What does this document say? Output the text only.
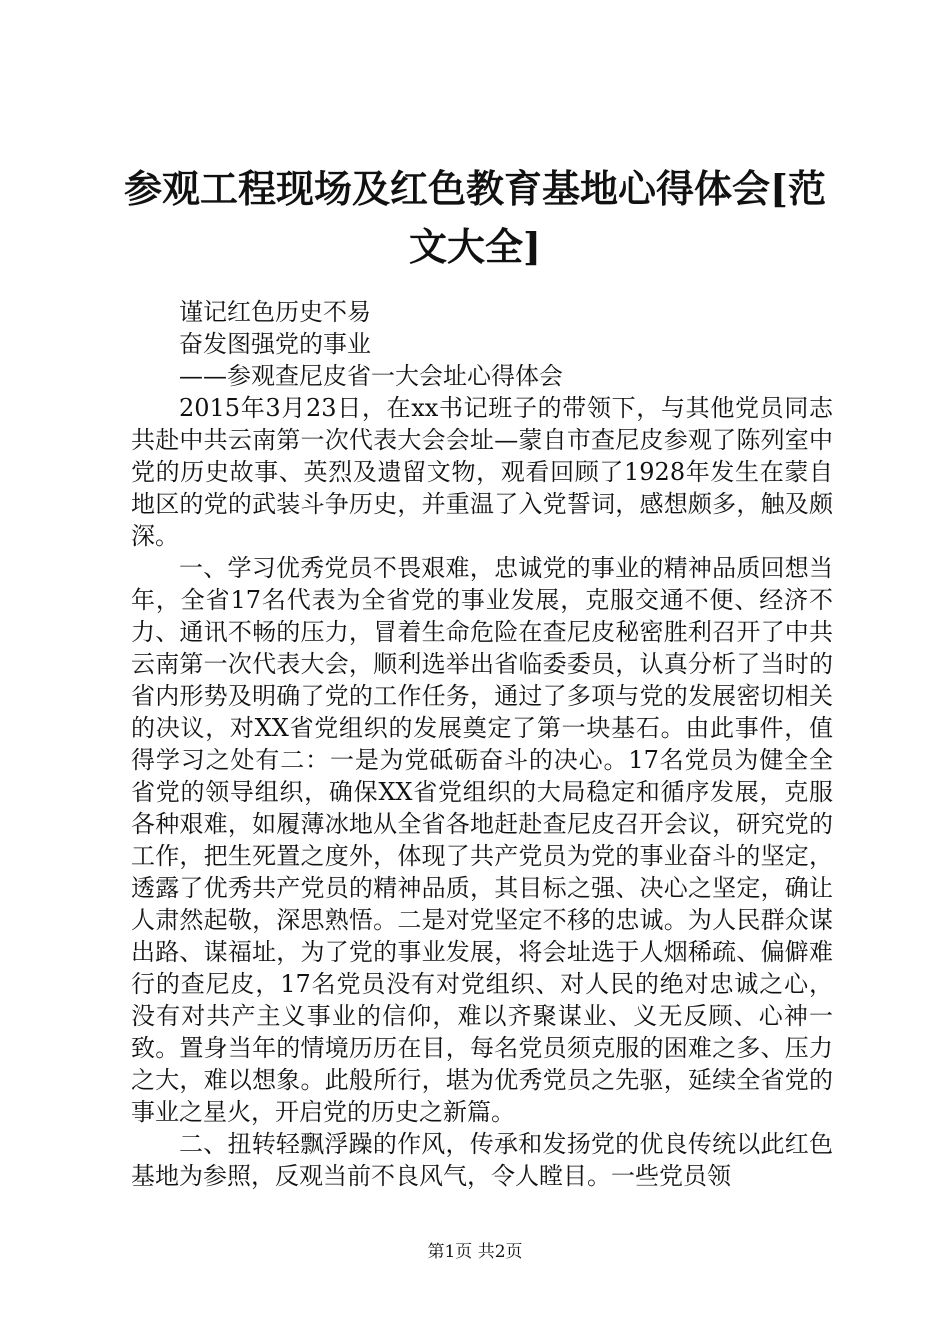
参观工程现场及红色教育基地心得体会[范文大全]

谨记红色历史不易

奋发图强党的事业

——参观查尼皮省一大会址心得体会

2015年3月23日，在xx书记班子的带领下，与其他党员同志共赴中共云南第一次代表大会会址—蒙自市查尼皮参观了陈列室中党的历史故事、英烈及遗留文物，观看回顾了1928年发生在蒙自地区的党的武装斗争历史，并重温了入党誓词，感想颇多，触及颇深。

一、学习优秀党员不畏艰难，忠诚党的事业的精神品质回想当年，全省17名代表为全省党的事业发展，克服交通不便、经济不力、通讯不畅的压力，冒着生命危险在查尼皮秘密胜利召开了中共云南第一次代表大会，顺利选举出省临委委员，认真分析了当时的省内形势及明确了党的工作任务，通过了多项与党的发展密切相关的决议，对XX省党组织的发展奠定了第一块基石。由此事件，值得学习之处有二：一是为党砥砺奋斗的决心。17名党员为健全全省党的领导组织，确保XX省党组织的大局稳定和循序发展，克服各种艰难，如履薄冰地从全省各地赶赴查尼皮召开会议，研究党的工作，把生死置之度外，体现了共产党员为党的事业奋斗的坚定，透露了优秀共产党员的精神品质，其目标之强、决心之坚定，确让人肃然起敬，深思熟悟。二是对党坚定不移的忠诚。为人民群众谋出路、谋福址，为了党的事业发展，将会址选于人烟稀疏、偏僻难行的查尼皮，17名党员没有对党组织、对人民的绝对忠诚之心，没有对共产主义事业的信仰，难以齐聚谋业、义无反顾、心神一致。置身当年的情境历历在目，每名党员须克服的困难之多、压力之大，难以想象。此般所行，堪为优秀党员之先驱，延续全省党的事业之星火，开启党的历史之新篇。

二、扭转轻飘浮躁的作风，传承和发扬党的优良传统以此红色基地为参照，反观当前不良风气，令人瞠目。一些党员领

第1页 共2页
